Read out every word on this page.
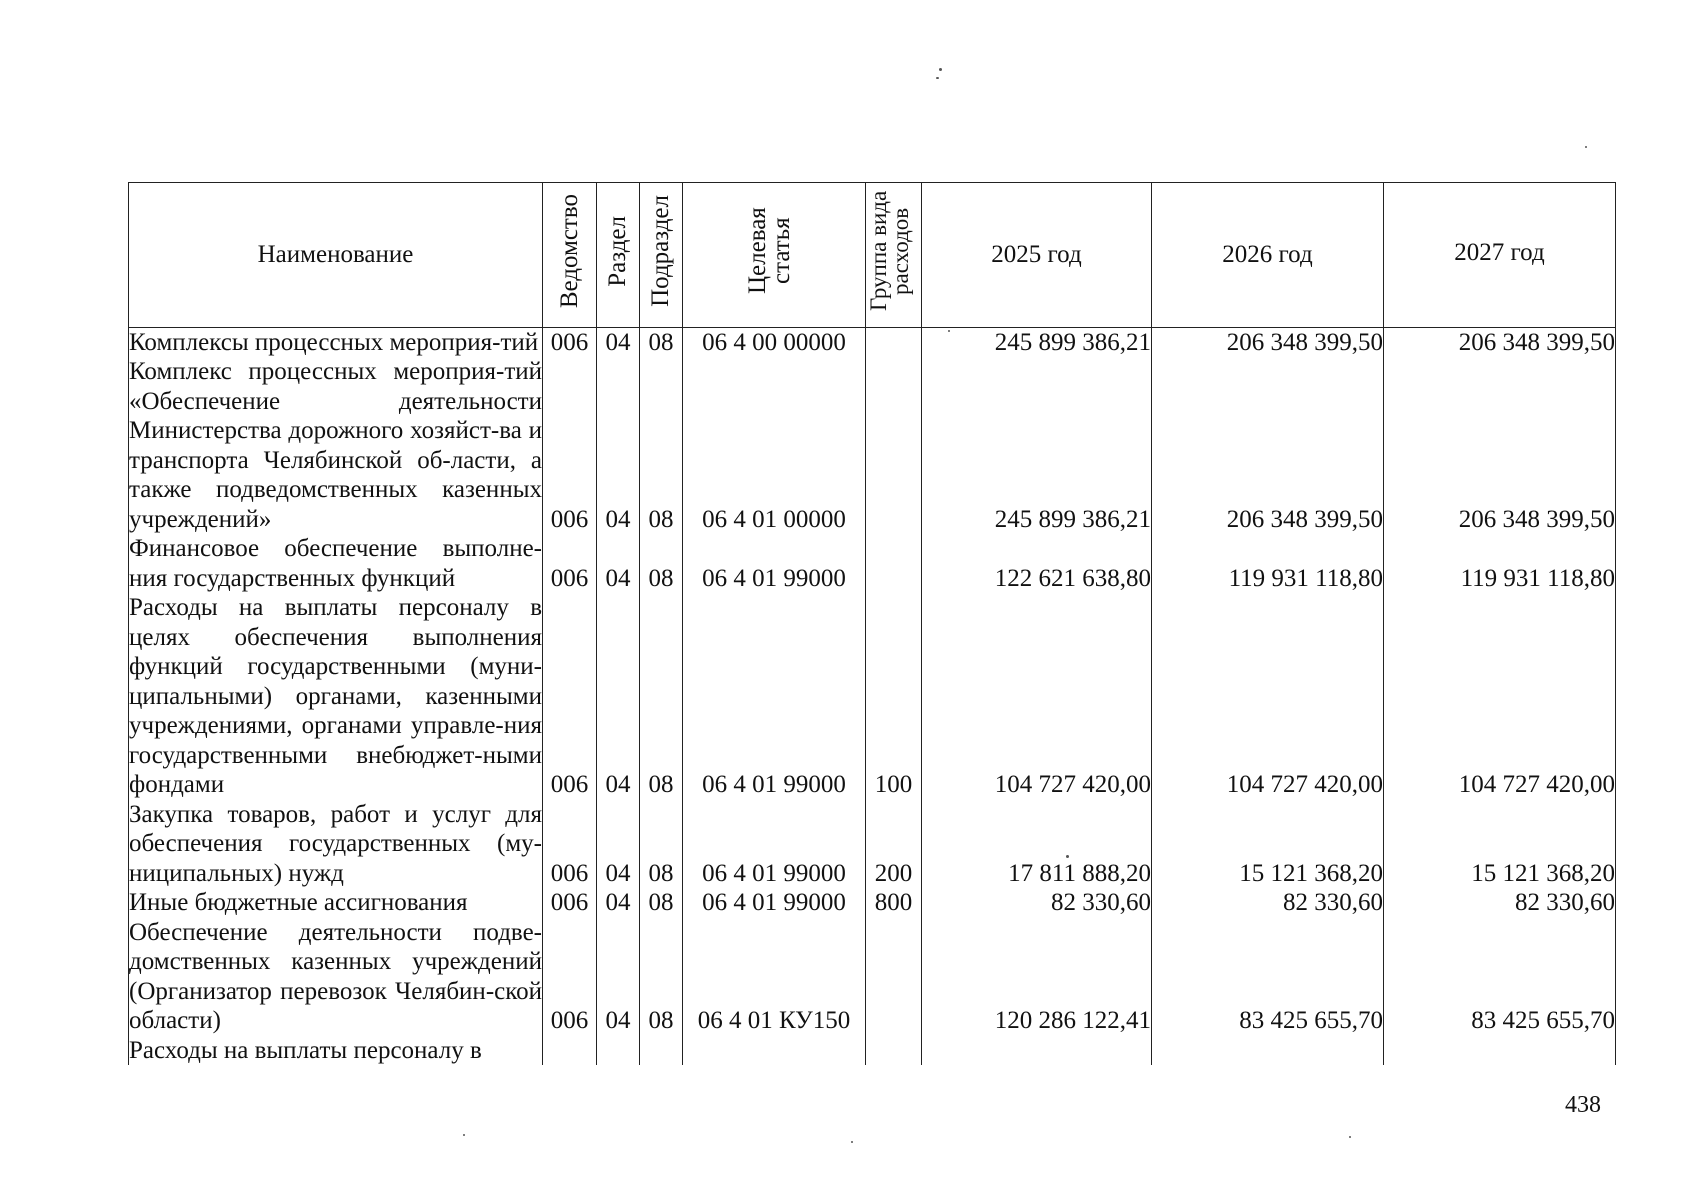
Наименование	Ведомство	Раздел	Подраздел	Целевая статья	Группа вида расходов	2025 год	2026 год	2027 год
Комплексы процессных мероприя-тий	006	04	08	06 4 00 00000		245 899 386,21	206 348 399,50	206 348 399,50
Комплекс процессных мероприя-тий «Обеспечение деятельности Министерства дорожного хозяйст-ва и транспорта Челябинской об-ласти, а также подведомственных казенных учреждений»	006	04	08	06 4 01 00000		245 899 386,21	206 348 399,50	206 348 399,50
Финансовое обеспечение выполне-ния государственных функций	006	04	08	06 4 01 99000		122 621 638,80	119 931 118,80	119 931 118,80
Расходы на выплаты персоналу в целях обеспечения выполнения функций государственными (муни-ципальными) органами, казенными учреждениями, органами управле-ния государственными внебюджет-ными фондами	006	04	08	06 4 01 99000	100	104 727 420,00	104 727 420,00	104 727 420,00
Закупка товаров, работ и услуг для обеспечения государственных (му-ниципальных) нужд	006	04	08	06 4 01 99000	200	17 811 888,20	15 121 368,20	15 121 368,20
Иные бюджетные ассигнования	006	04	08	06 4 01 99000	800	82 330,60	82 330,60	82 330,60
Обеспечение деятельности подве-домственных казенных учреждений (Организатор перевозок Челябин-ской области)	006	04	08	06 4 01 КУ150		120 286 122,41	83 425 655,70	83 425 655,70
Расходы на выплаты персоналу в								
438
